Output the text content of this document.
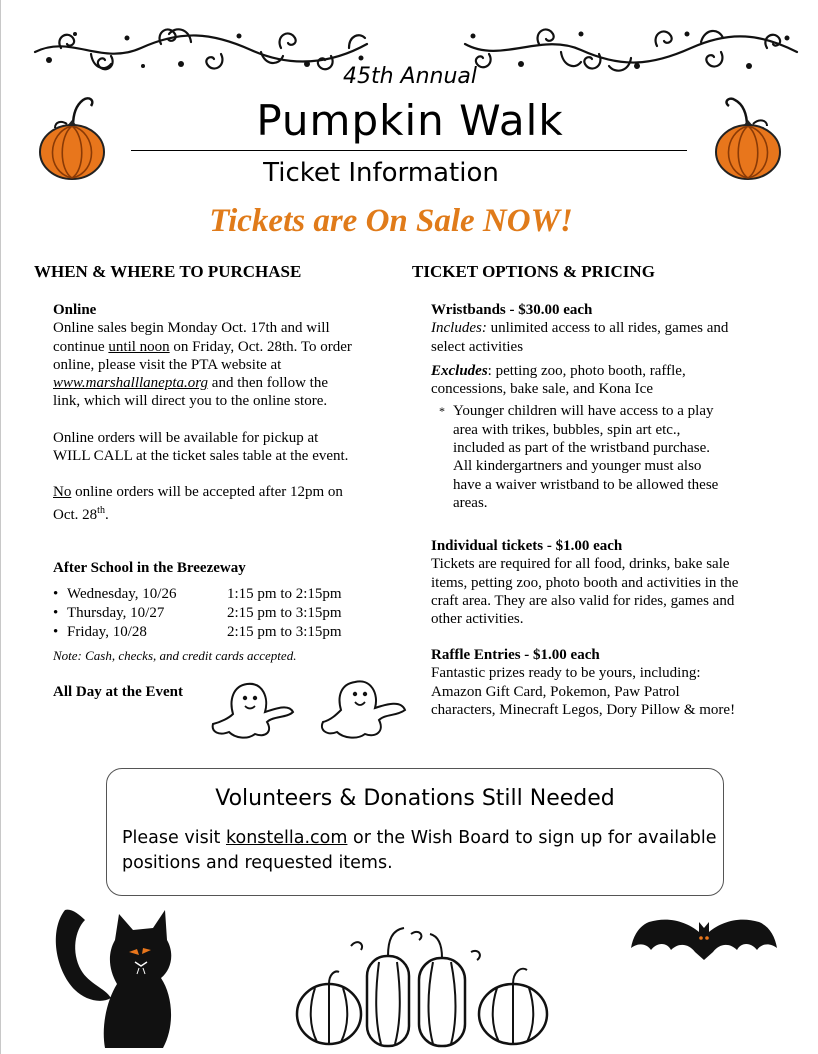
45th Annual
Pumpkin Walk
Ticket Information
Tickets are On Sale NOW!
WHEN & WHERE TO PURCHASE
Online
Online sales begin Monday Oct. 17th and will continue until noon on Friday, Oct. 28th. To order online, please visit the PTA website at www.marshalllanepta.org and then follow the link, which will direct you to the online store.
Online orders will be available for pickup at WILL CALL at the ticket sales table at the event.
No online orders will be accepted after 12pm on Oct. 28th.
After School in the Breezeway
• Wednesday, 10/26	1:15 pm to 2:15pm
• Thursday, 10/27	2:15 pm to 3:15pm
• Friday, 10/28	2:15 pm to 3:15pm
Note: Cash, checks, and credit cards accepted.
All Day at the Event
TICKET OPTIONS & PRICING
Wristbands - $30.00 each
Includes: unlimited access to all rides, games and select activities
Excludes: petting zoo, photo booth, raffle, concessions, bake sale, and Kona Ice
* Younger children will have access to a play area with trikes, bubbles, spin art etc., included as part of the wristband purchase. All kindergartners and younger must also have a waiver wristband to be allowed these areas.
Individual tickets - $1.00 each
Tickets are required for all food, drinks, bake sale items, petting zoo, photo booth and activities in the craft area. They are also valid for rides, games and other activities.
Raffle Entries - $1.00 each
Fantastic prizes ready to be yours, including: Amazon Gift Card, Pokemon, Paw Patrol characters, Minecraft Legos, Dory Pillow & more!
Volunteers & Donations Still Needed
Please visit konstella.com or the Wish Board to sign up for available positions and requested items.
